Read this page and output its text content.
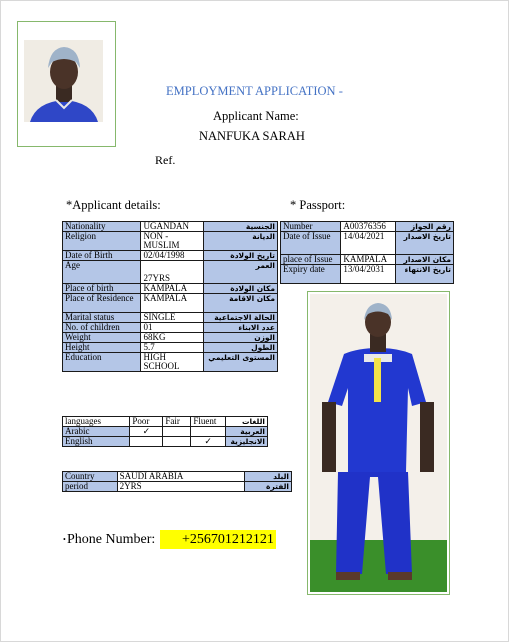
EMPLOYMENT APPLICATION -
Applicant Name:
NANFUKA SARAH
Ref.
*Applicant details:	* Passport:
Nationality	UGANDAN	الجنسية
Religion	NON -
MUSLIM	الديانة
Date of Birth	02/04/1998	تاريخ الولادة
Age	27YRS	العمر
Place of birth	KAMPALA	مكان الولادة
Place of Residence	KAMPALA	مكان الاقامة
Marital status	SINGLE	الحالة الاجتماعية
No. of children	01	عدد الابناء
Weight	68KG	الوزن
Height	5.7	الطول
Education	HIGH
SCHOOL	المستوى التعليمي
Number	A00376356	رقم الجواز
Date of Issue	14/04/2021	تاريخ الاصدار
place of Issue	KAMPALA	مكان الاصدار
Expiry date	13/04/2031	تاريخ الانتهاء
languages	Poor	Fair	Fluent	اللغات
Arabic	✓			العربية
English			✓	الانجليزية
Country	SAUDI ARABIA	البلد
period	2YRS	الفترة
• Phone Number:	+256701212121
